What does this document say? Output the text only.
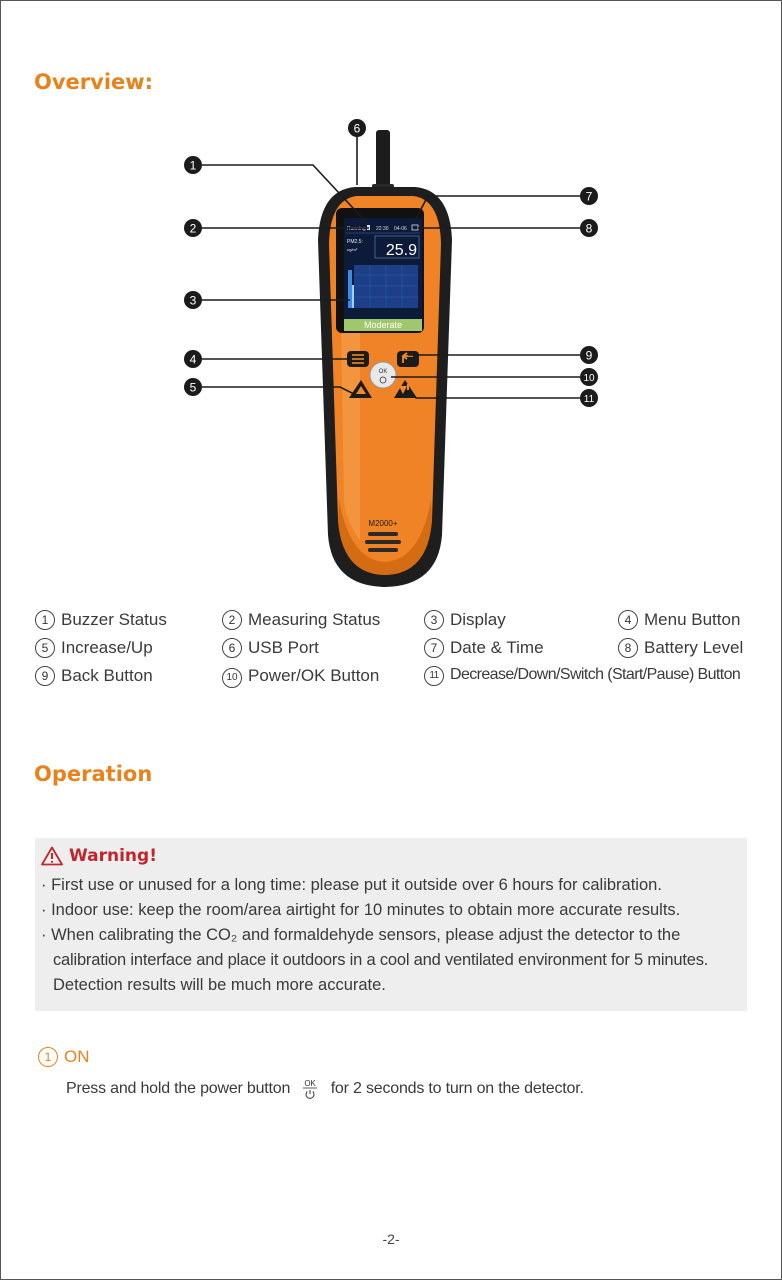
Overview:
Running 22:30 04-06
PM2.5:
ug/m³ 25.9
Moderate
OK
M2000+
1
2
3
4
5
6
7
8
9
10
11
1 Buzzer Status	2 Measuring Status	3 Display	4 Menu Button
5 Increase/Up	6 USB Port	7 Date & Time	8 Battery Level
9 Back Button	10 Power/OK Button	11 Decrease/Down/Switch (Start/Pause) Button
Operation
Warning!
· First use or unused for a long time: please put it outside over 6 hours for calibration.
· Indoor use: keep the room/area airtight for 10 minutes to obtain more accurate results.
· When calibrating the CO₂ and formaldehyde sensors, please adjust the detector to the
calibration interface and place it outdoors in a cool and ventilated environment for 5 minutes.
Detection results will be much more accurate.
1 ON
Press and hold the power button OK for 2 seconds to turn on the detector.
-2-
